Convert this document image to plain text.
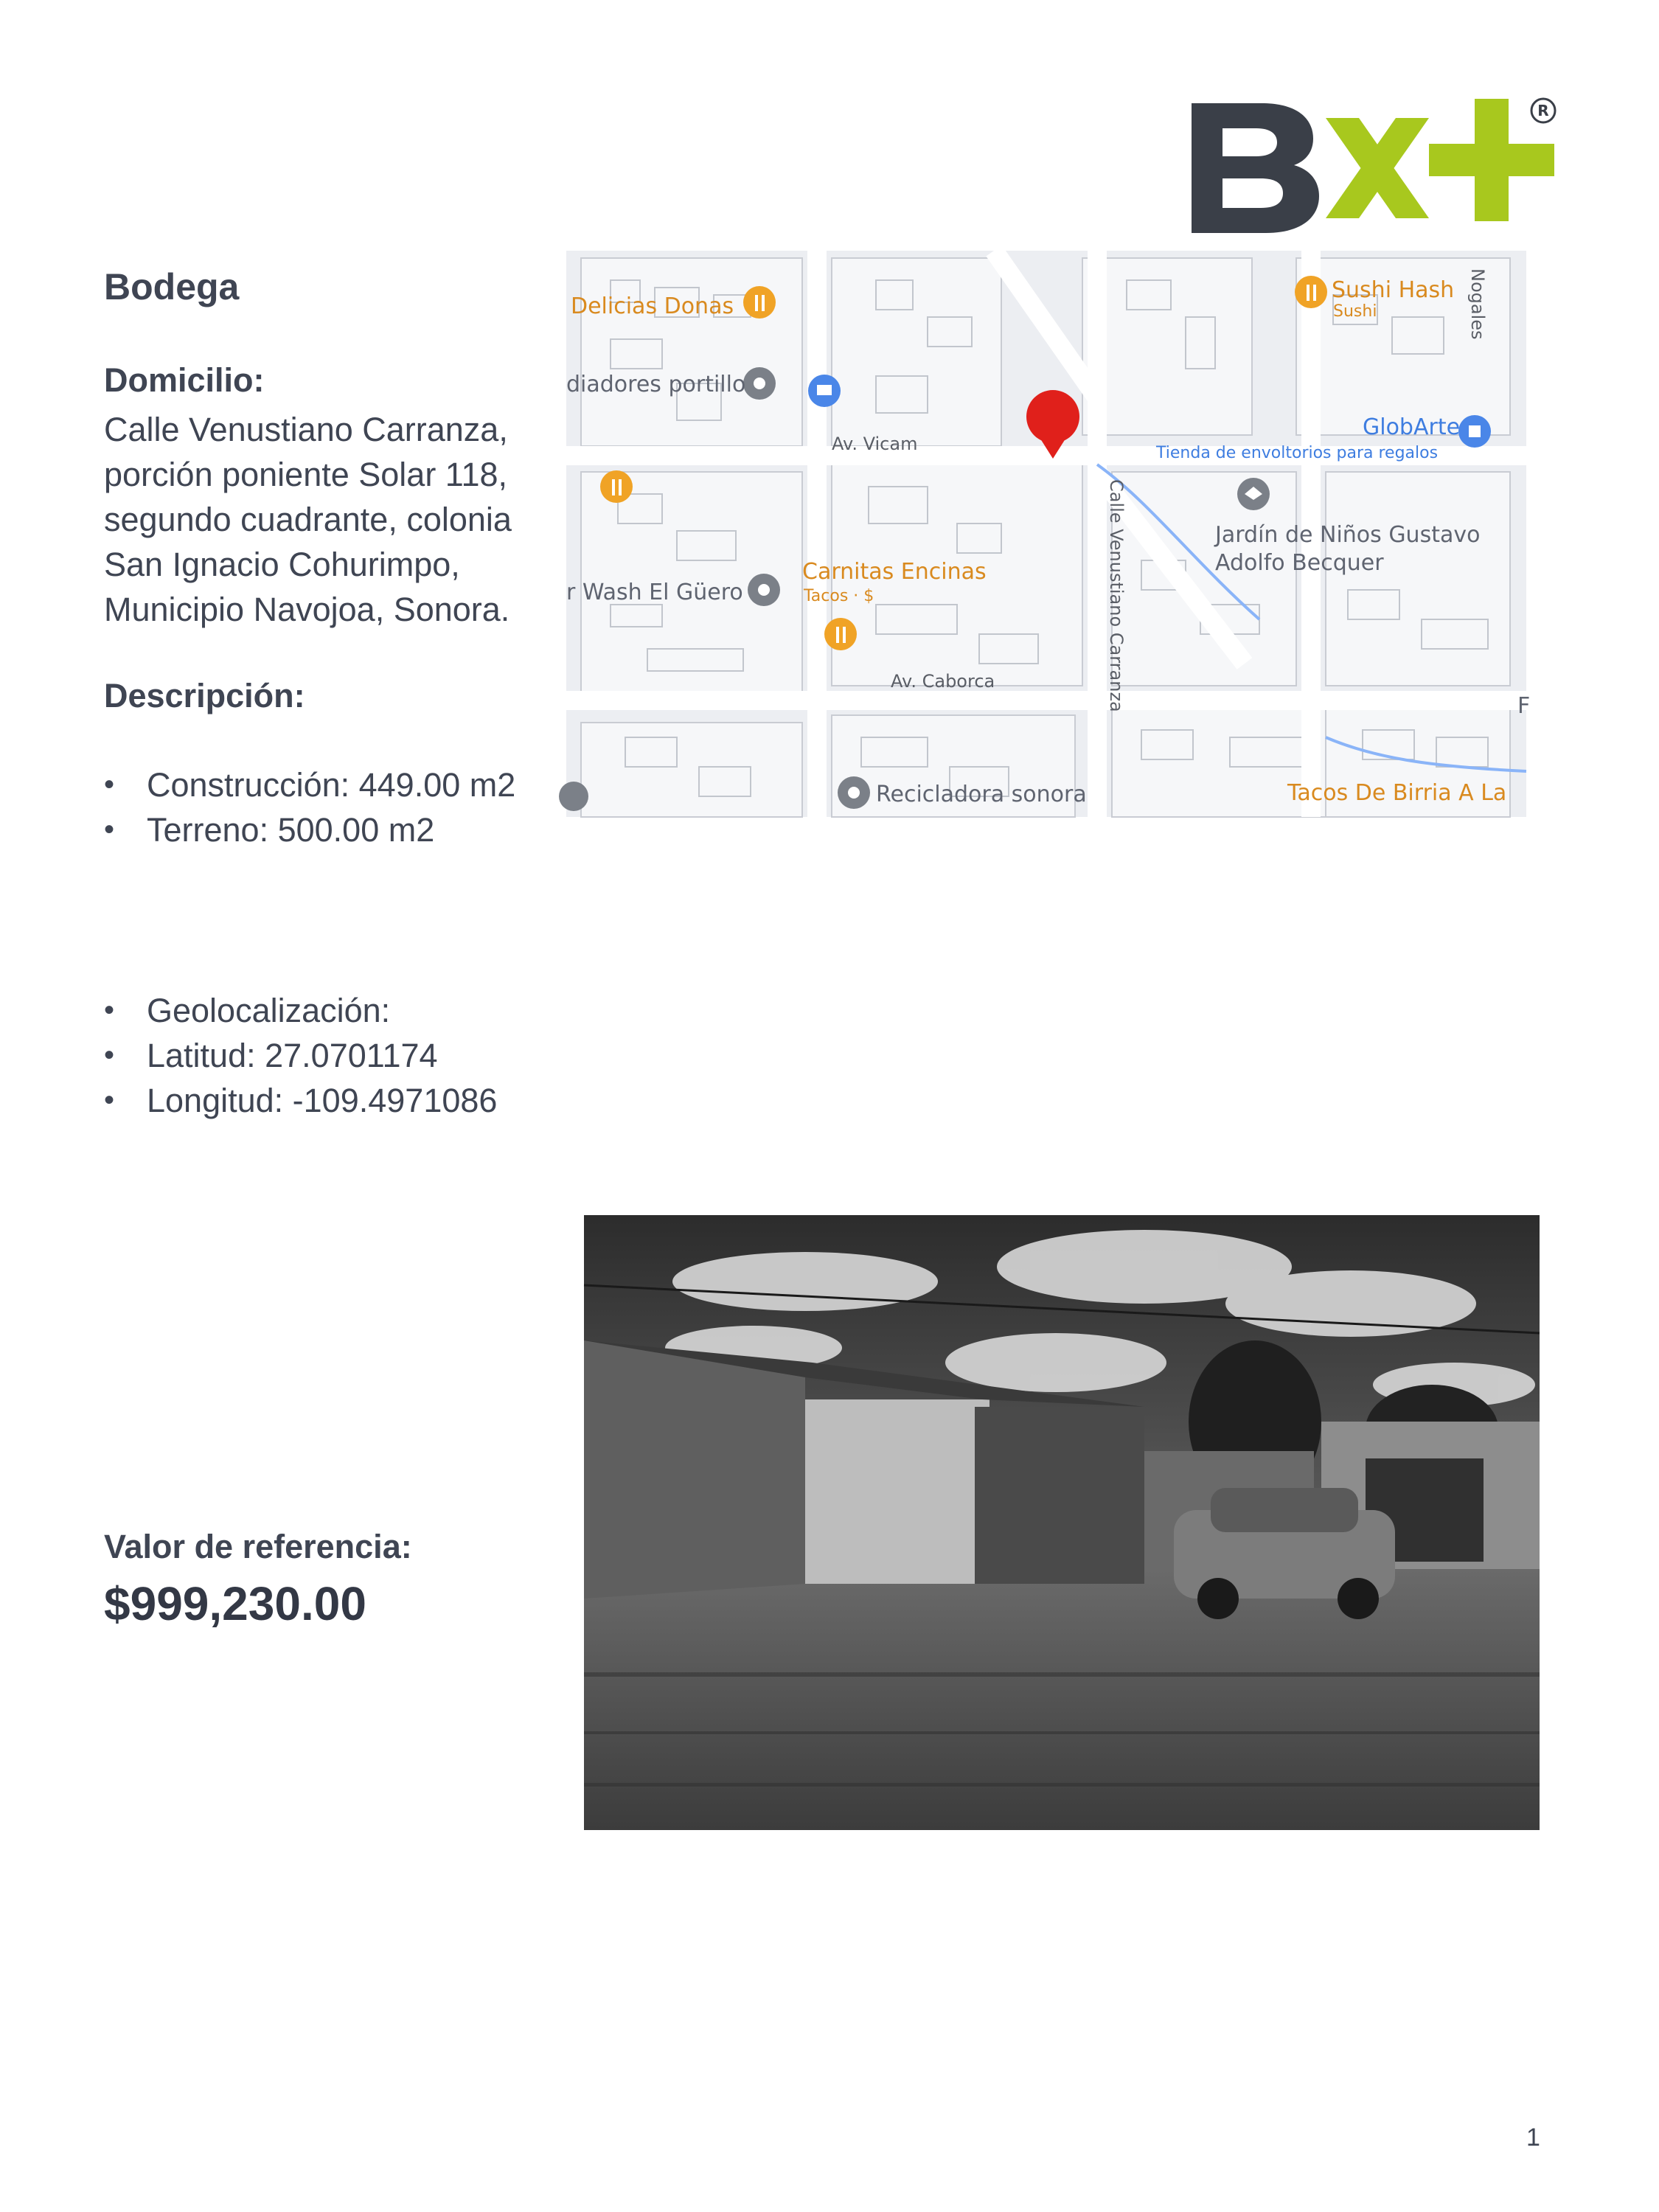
R
Bodega
Domicilio:
Calle Venustiano Carranza,
porción poniente Solar 118,
segundo cuadrante, colonia
San Ignacio Cohurimpo,
Municipio Navojoa, Sonora.
Descripción:
• Construcción: 449.00 m2
• Terreno: 500.00 m2
• Geolocalización:
• Latitud: 27.0701174
• Longitud: -109.4971086
Valor de referencia:
$999,230.00
Delicias Donas
diadores portillo
Av. Vicam
Sushi Hash
Sushi	Nogales
GlobArte
Tienda de envoltorios para regalos
Jardín de Niños Gustavo
Adolfo Becquer
Carnitas Encinas
Tacos · $
r Wash El Güero	Calle Venustiano Carranza
Av. Caborca
Recicladora sonora	Tacos De Birria A La
F
1
